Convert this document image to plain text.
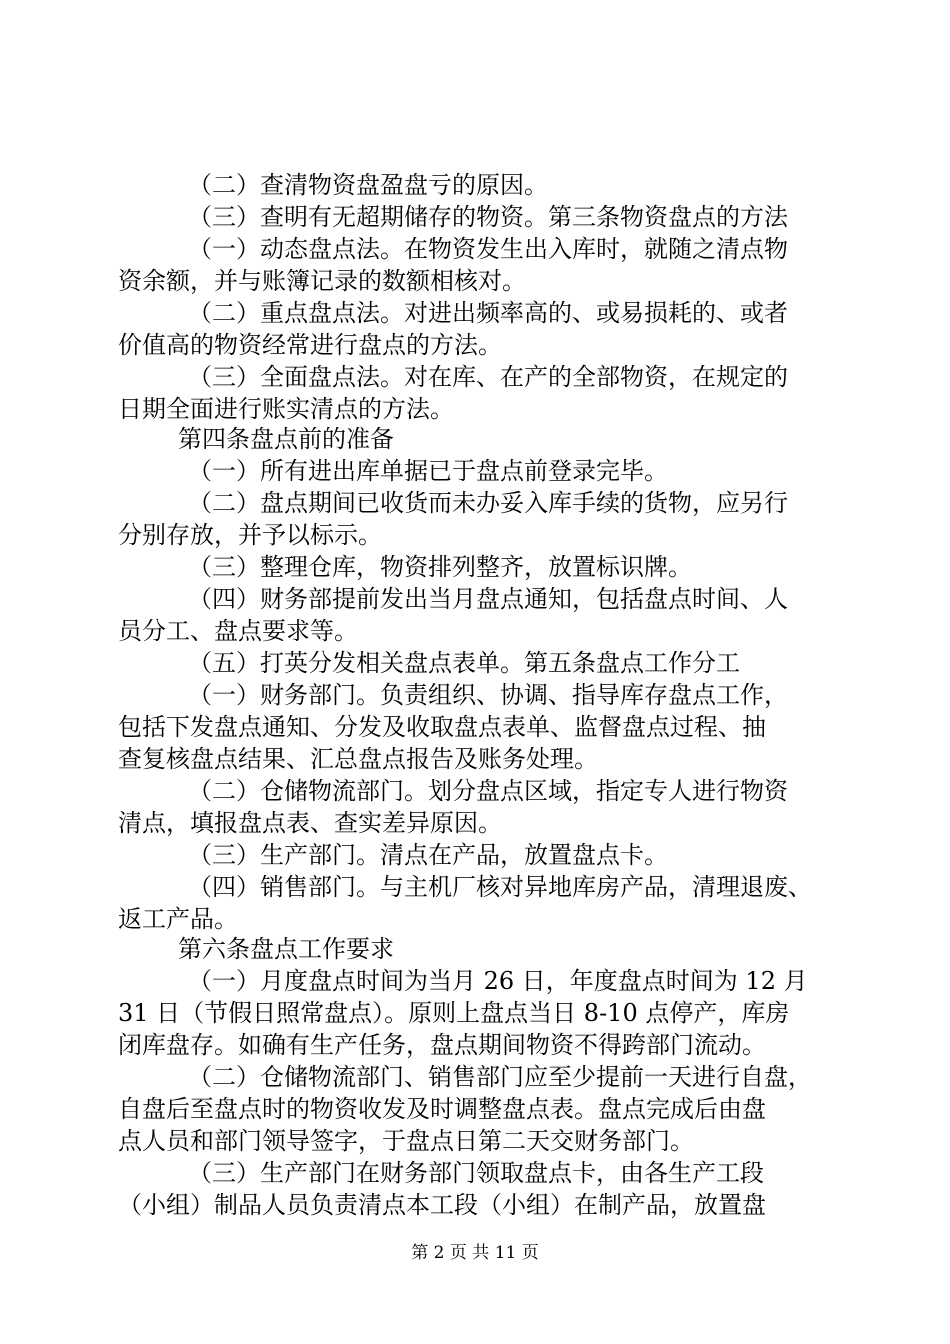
（二）查清物资盘盈盘亏的原因。
（三）查明有无超期储存的物资。第三条物资盘点的方法
（一）动态盘点法。在物资发生出入库时，就随之清点物
资余额，并与账簿记录的数额相核对。
（二）重点盘点法。对进出频率高的、或易损耗的、或者
价值高的物资经常进行盘点的方法。
（三）全面盘点法。对在库、在产的全部物资，在规定的
日期全面进行账实清点的方法。
第四条盘点前的准备
（一）所有进出库单据已于盘点前登录完毕。
（二）盘点期间已收货而未办妥入库手续的货物，应另行
分别存放，并予以标示。
（三）整理仓库，物资排列整齐，放置标识牌。
（四）财务部提前发出当月盘点通知，包括盘点时间、人
员分工、盘点要求等。
（五）打英分发相关盘点表单。第五条盘点工作分工
（一）财务部门。负责组织、协调、指导库存盘点工作，
包括下发盘点通知、分发及收取盘点表单、监督盘点过程、抽
查复核盘点结果、汇总盘点报告及账务处理。
（二）仓储物流部门。划分盘点区域，指定专人进行物资
清点，填报盘点表、查实差异原因。
（三）生产部门。清点在产品，放置盘点卡。
（四）销售部门。与主机厂核对异地库房产品，清理退废、
返工产品。
第六条盘点工作要求
（一）月度盘点时间为当月 26 日，年度盘点时间为 12 月
31 日（节假日照常盘点）。原则上盘点当日 8-10 点停产，库房
闭库盘存。如确有生产任务，盘点期间物资不得跨部门流动。
（二）仓储物流部门、销售部门应至少提前一天进行自盘，
自盘后至盘点时的物资收发及时调整盘点表。盘点完成后由盘
点人员和部门领导签字，于盘点日第二天交财务部门。
（三）生产部门在财务部门领取盘点卡，由各生产工段
（小组）制品人员负责清点本工段（小组）在制产品，放置盘
第 2 页 共 11 页
